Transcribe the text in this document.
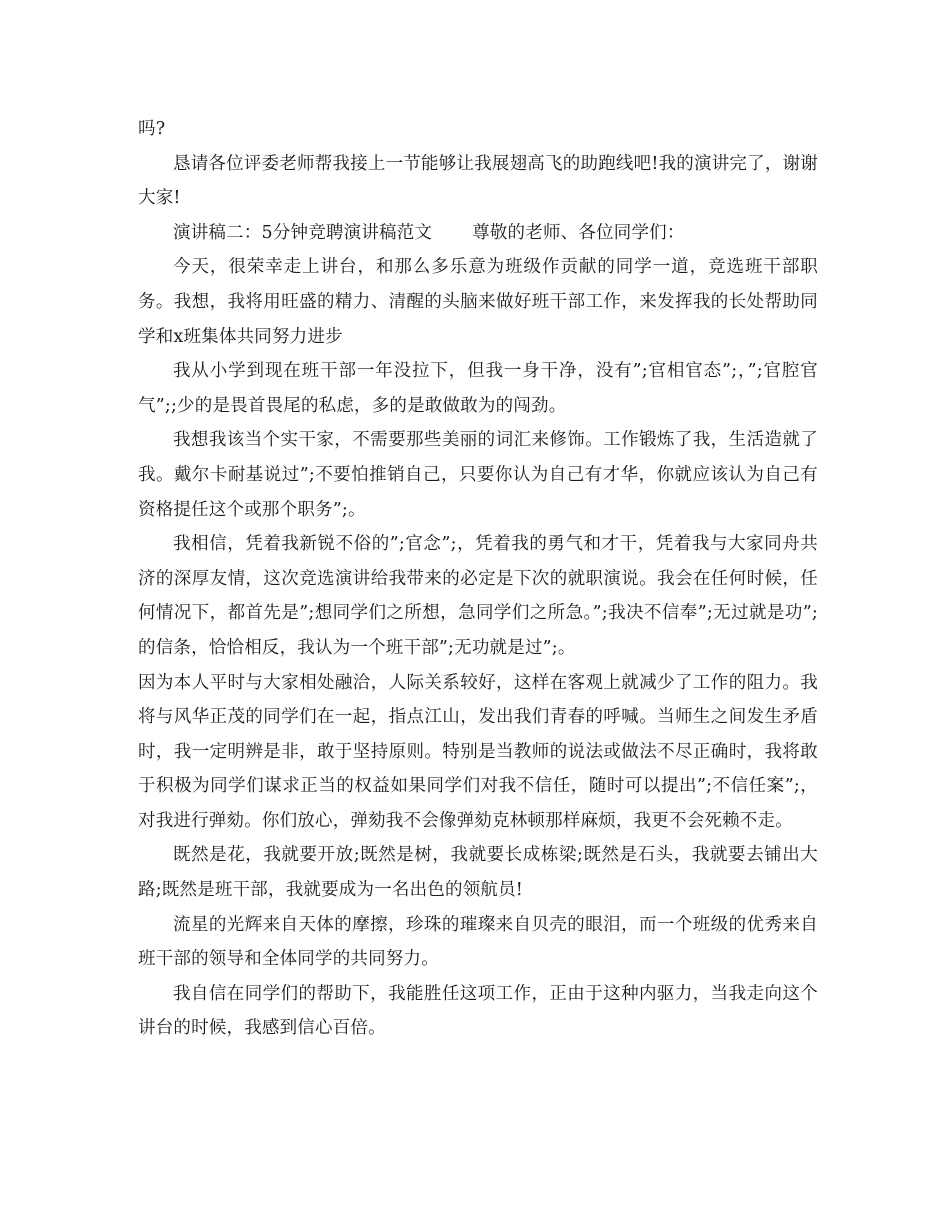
吗?

恳请各位评委老师帮我接上一节能够让我展翅高飞的助跑线吧!我的演讲完了，谢谢大家!

演讲稿二：5分钟竞聘演讲稿范文 尊敬的老师、各位同学们：

今天，很荣幸走上讲台，和那么多乐意为班级作贡献的同学一道，竞选班干部职务。我想，我将用旺盛的精力、清醒的头脑来做好班干部工作，来发挥我的长处帮助同学和x班集体共同努力进步

我从小学到现在班干部一年没拉下，但我一身干净，没有”;官相官态”;，”;官腔官气”;;少的是畏首畏尾的私虑，多的是敢做敢为的闯劲。

我想我该当个实干家，不需要那些美丽的词汇来修饰。工作锻炼了我，生活造就了我。戴尔卡耐基说过”;不要怕推销自己，只要你认为自己有才华，你就应该认为自己有资格提任这个或那个职务”;。

我相信，凭着我新锐不俗的”;官念”;，凭着我的勇气和才干，凭着我与大家同舟共济的深厚友情，这次竞选演讲给我带来的必定是下次的就职演说。我会在任何时候，任何情况下，都首先是”;想同学们之所想，急同学们之所急。”;我决不信奉”;无过就是功”;的信条，恰恰相反，我认为一个班干部”;无功就是过”;。

因为本人平时与大家相处融洽，人际关系较好，这样在客观上就减少了工作的阻力。我将与风华正茂的同学们在一起，指点江山，发出我们青春的呼喊。当师生之间发生矛盾时，我一定明辨是非，敢于坚持原则。特别是当教师的说法或做法不尽正确时，我将敢于积极为同学们谋求正当的权益如果同学们对我不信任，随时可以提出”;不信任案”;，对我进行弹劾。你们放心，弹劾我不会像弹劾克林顿那样麻烦，我更不会死赖不走。

既然是花，我就要开放;既然是树，我就要长成栋梁;既然是石头，我就要去铺出大路;既然是班干部，我就要成为一名出色的领航员!

流星的光辉来自天体的摩擦，珍珠的璀璨来自贝壳的眼泪，而一个班级的优秀来自班干部的领导和全体同学的共同努力。

我自信在同学们的帮助下，我能胜任这项工作，正由于这种内驱力，当我走向这个讲台的时候，我感到信心百倍。
